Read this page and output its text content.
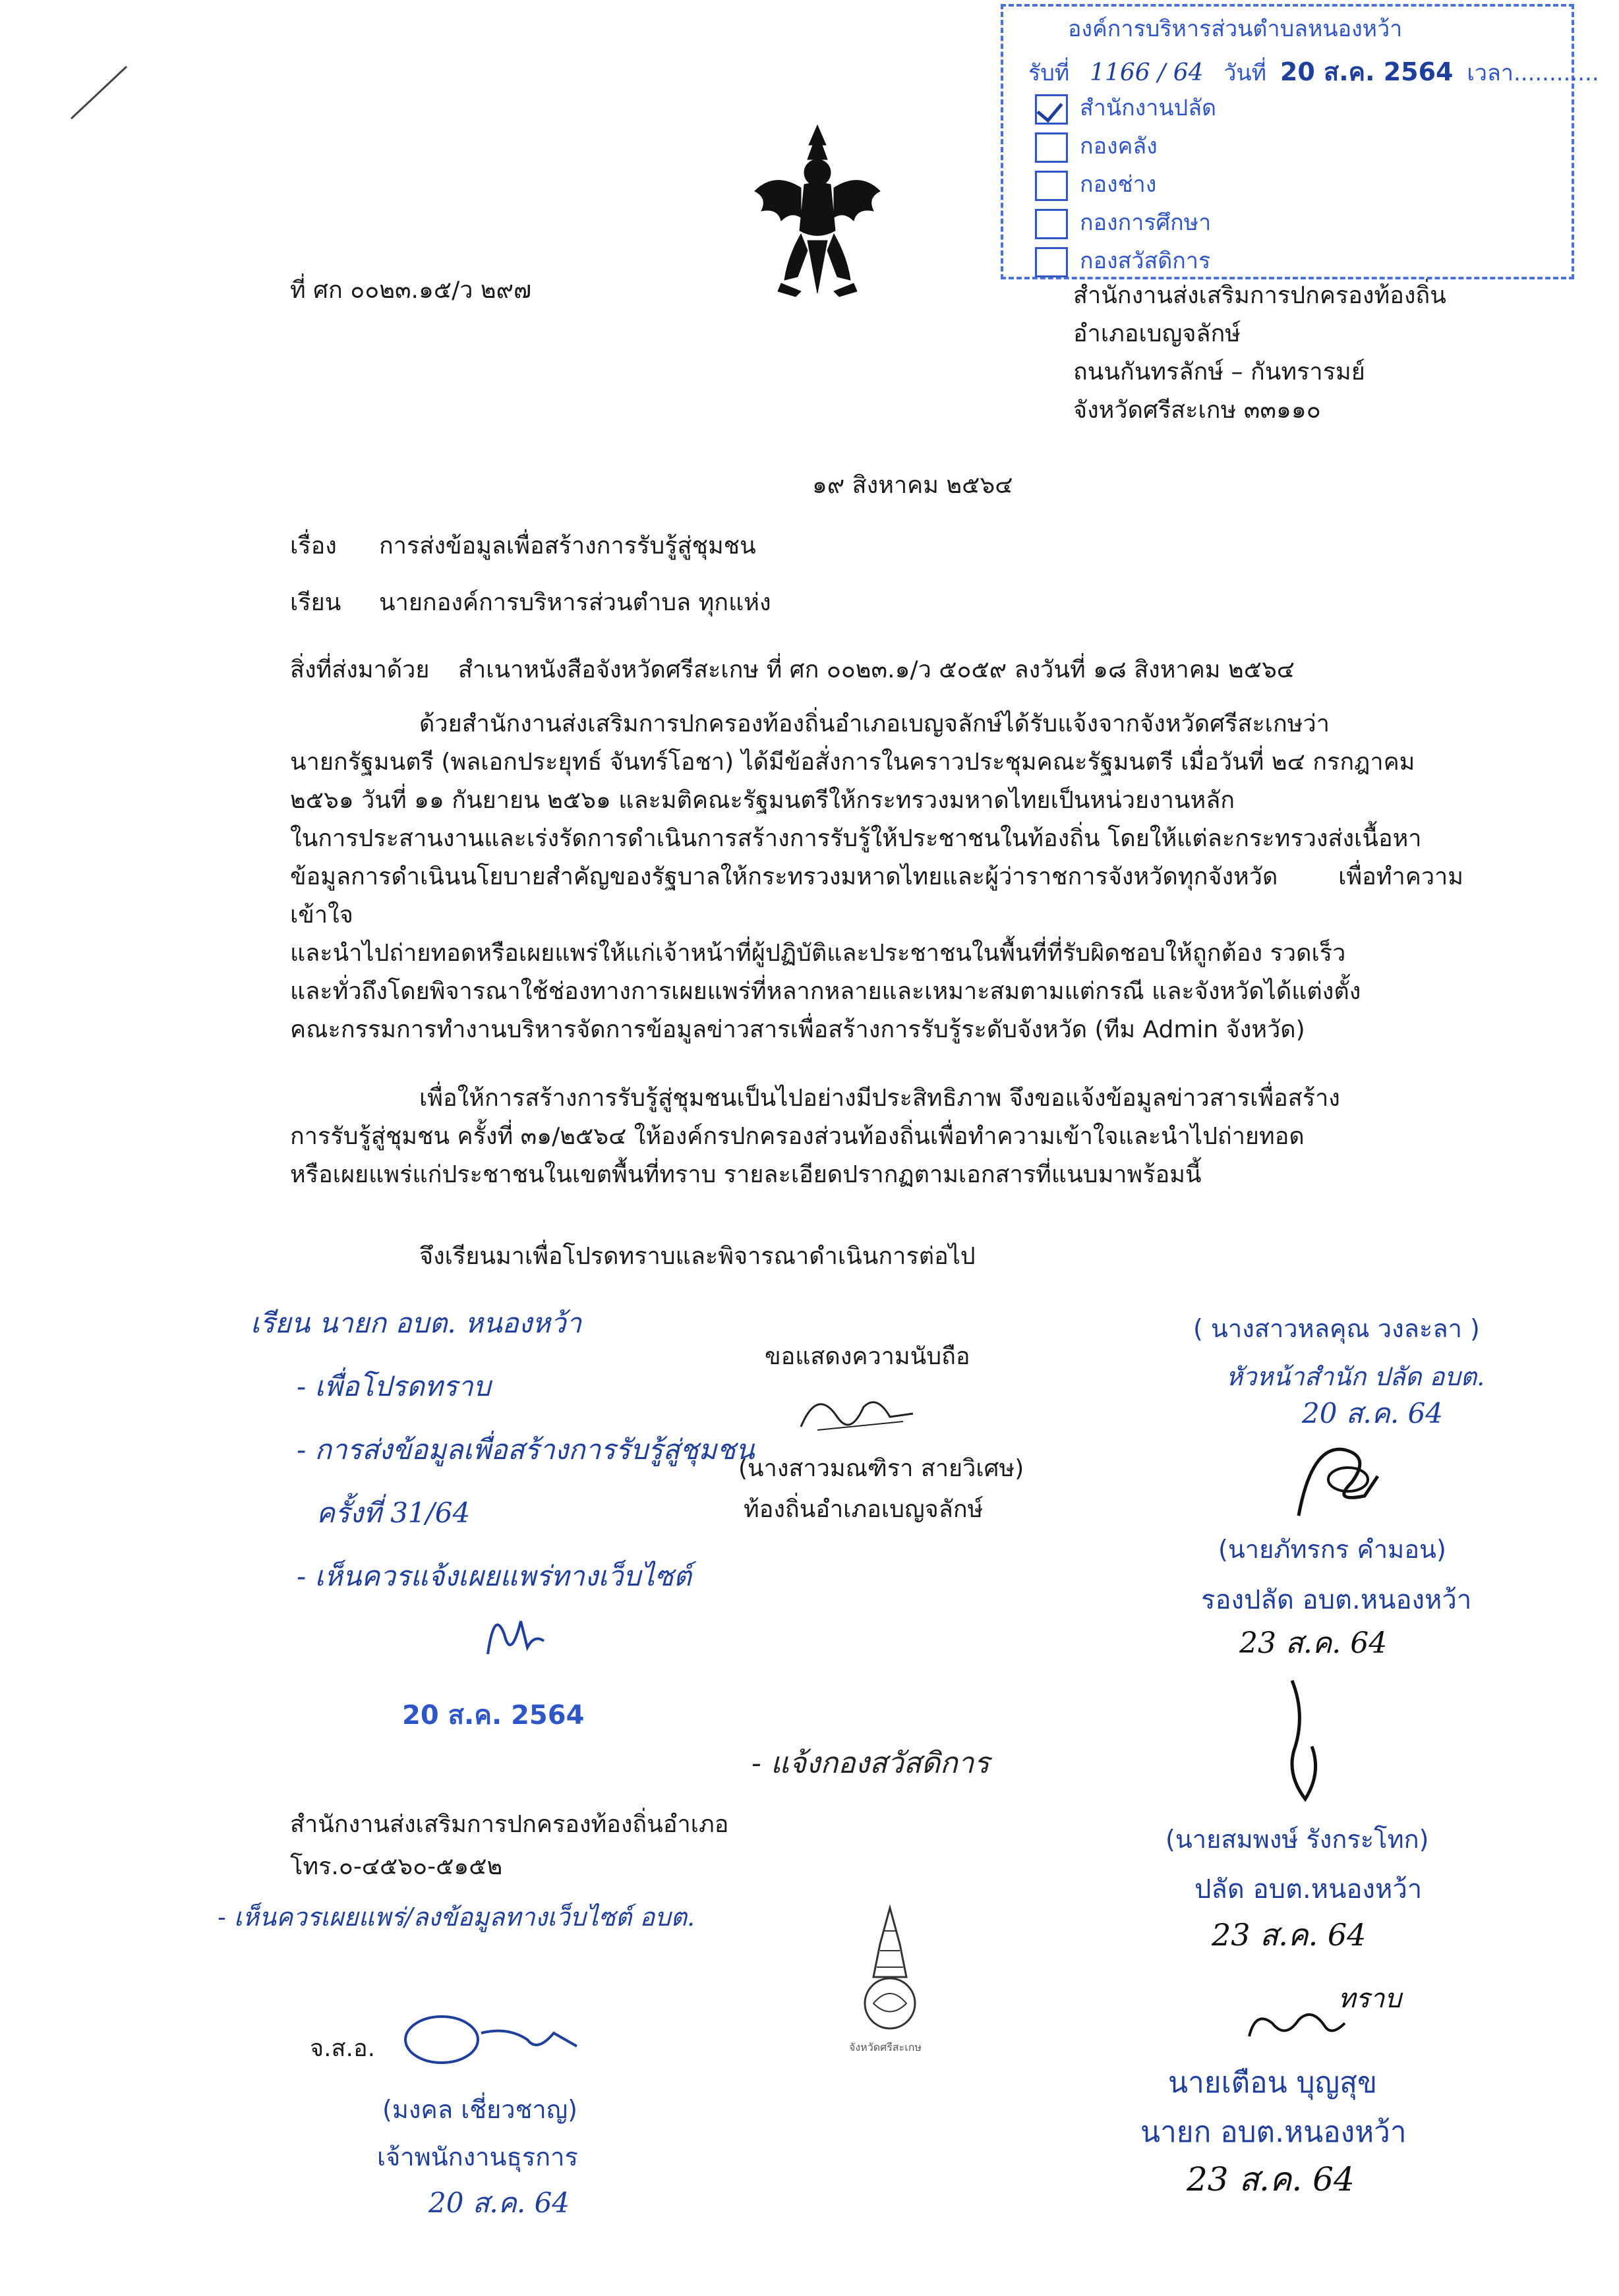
องค์การบริหารส่วนตำบลหนองหว้า
รับที่ 1166 / 64 วันที่ 20 ส.ค. 2564 เวลา............
สำนักงานปลัด
กองคลัง
กองช่าง
กองการศึกษา
กองสวัสดิการ
ที่ ศก ๐๐๒๓.๑๕/ว ๒๙๗	สำนักงานส่งเสริมการปกครองท้องถิ่น
อำเภอเบญจลักษ์
ถนนกันทรลักษ์ – กันทรารมย์
จังหวัดศรีสะเกษ ๓๓๑๑๐
๑๙ สิงหาคม ๒๕๖๔
เรื่อง การส่งข้อมูลเพื่อสร้างการรับรู้สู่ชุมชน
เรียน นายกองค์การบริหารส่วนตำบล ทุกแห่ง
สิ่งที่ส่งมาด้วย สำเนาหนังสือจังหวัดศรีสะเกษ ที่ ศก ๐๐๒๓.๑/ว ๕๐๕๙ ลงวันที่ ๑๘ สิงหาคม ๒๕๖๔

ด้วยสำนักงานส่งเสริมการปกครองท้องถิ่นอำเภอเบญจลักษ์ได้รับแจ้งจากจังหวัดศรีสะเกษว่า

นายกรัฐมนตรี (พลเอกประยุทธ์ จันทร์โอชา) ได้มีข้อสั่งการในคราวประชุมคณะรัฐมนตรี เมื่อวันที่ ๒๔ กรกฎาคม

๒๕๖๑ วันที่ ๑๑ กันยายน ๒๕๖๑ และมติคณะรัฐมนตรีให้กระทรวงมหาดไทยเป็นหน่วยงานหลัก

ในการประสานงานและเร่งรัดการดำเนินการสร้างการรับรู้ให้ประชาชนในท้องถิ่น โดยให้แต่ละกระทรวงส่งเนื้อหา

ข้อมูลการดำเนินนโยบายสำคัญของรัฐบาลให้กระทรวงมหาดไทยและผู้ว่าราชการจังหวัดทุกจังหวัด เพื่อทำความเข้าใจ

และนำไปถ่ายทอดหรือเผยแพร่ให้แก่เจ้าหน้าที่ผู้ปฏิบัติและประชาชนในพื้นที่ที่รับผิดชอบให้ถูกต้อง รวดเร็ว

และทั่วถึงโดยพิจารณาใช้ช่องทางการเผยแพร่ที่หลากหลายและเหมาะสมตามแต่กรณี และจังหวัดได้แต่งตั้ง

คณะกรรมการทำงานบริหารจัดการข้อมูลข่าวสารเพื่อสร้างการรับรู้ระดับจังหวัด (ทีม Admin จังหวัด)

เพื่อให้การสร้างการรับรู้สู่ชุมชนเป็นไปอย่างมีประสิทธิภาพ จึงขอแจ้งข้อมูลข่าวสารเพื่อสร้าง

การรับรู้สู่ชุมชน ครั้งที่ ๓๑/๒๕๖๔ ให้องค์กรปกครองส่วนท้องถิ่นเพื่อทำความเข้าใจและนำไปถ่ายทอด

หรือเผยแพร่แก่ประชาชนในเขตพื้นที่ทราบ รายละเอียดปรากฏตามเอกสารที่แนบมาพร้อมนี้

จึงเรียนมาเพื่อโปรดทราบและพิจารณาดำเนินการต่อไป
เรียน นายก อบต. หนองหว้า
- เพื่อโปรดทราบ
- การส่งข้อมูลเพื่อสร้างการรับรู้สู่ชุมชน
ครั้งที่ 31/64
- เห็นควรแจ้งเผยแพร่ทางเว็บไซต์
20 ส.ค. 2564
ขอแสดงความนับถือ
(นางสาวมณฑิรา สายวิเศษ)
ท้องถิ่นอำเภอเบญจลักษ์
- แจ้งกองสวัสดิการ
สำนักงานส่งเสริมการปกครองท้องถิ่นอำเภอ
โทร.๐-๔๕๖๐-๕๑๕๒
- เห็นควรเผยแพร่/ลงข้อมูลทางเว็บไซต์ อบต.
จ.ส.อ.
(มงคล เชี่ยวชาญ)
เจ้าพนักงานธุรการ
20 ส.ค. 64
จังหวัดศรีสะเกษ
( นางสาวหลคุณ วงละลา )
หัวหน้าสำนัก ปลัด อบต.
20 ส.ค. 64
(นายภัทรกร คำมอน)
รองปลัด อบต.หนองหว้า
23 ส.ค. 64
(นายสมพงษ์ รังกระโทก)
ปลัด อบต.หนองหว้า
23 ส.ค. 64
ทราบ
นายเตือน บุญสุข
นายก อบต.หนองหว้า
23 ส.ค. 64
